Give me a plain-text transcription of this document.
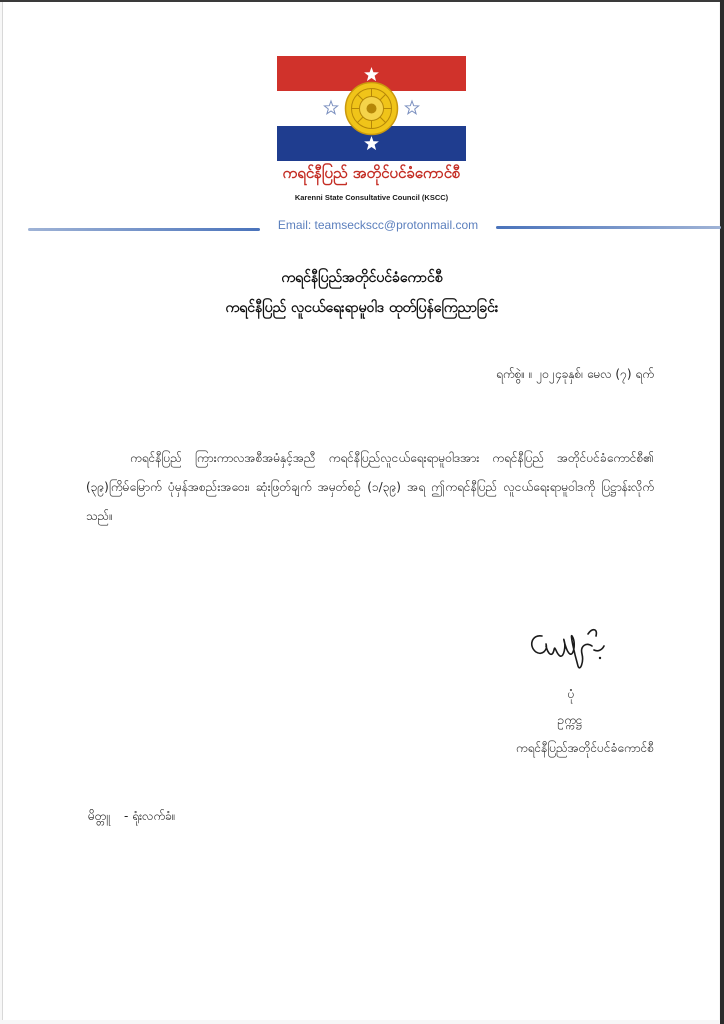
ကရင်နီပြည် အတိုင်ပင်ခံကောင်စီ
Karenni State Consultative Council (KSCC)
Email: teamseckscc@protonmail.com
ကရင်နီပြည်အတိုင်ပင်ခံကောင်စီ
ကရင်နီပြည် လူငယ်ရေးရာမူဝါဒ ထုတ်ပြန်ကြေညာခြင်း
ရက်စွဲ။ ။ ၂၀၂၄ခုနှစ်၊ မေလ (၇) ရက်
ကရင်နီပြည် ကြားကာလအစီအမံနှင့်အညီ ကရင်နီပြည်လူငယ်ရေးရာမူဝါဒအား ကရင်နီပြည် အတိုင်ပင်ခံကောင်စီ၏ (၃၉)ကြိမ်မြောက် ပုံမှန်အစည်းအဝေး၊ ဆုံးဖြတ်ချက် အမှတ်စဉ် (၁/၃၉) အရ ဤကရင်နီပြည် လူငယ်ရေးရာမူဝါဒကို ပြဋ္ဌာန်းလိုက်သည်။
ပုံ
ဥက္ကဋ္ဌ
ကရင်နီပြည်အတိုင်ပင်ခံကောင်စီ
မိတ္တူ - ရုံးလက်ခံ။
